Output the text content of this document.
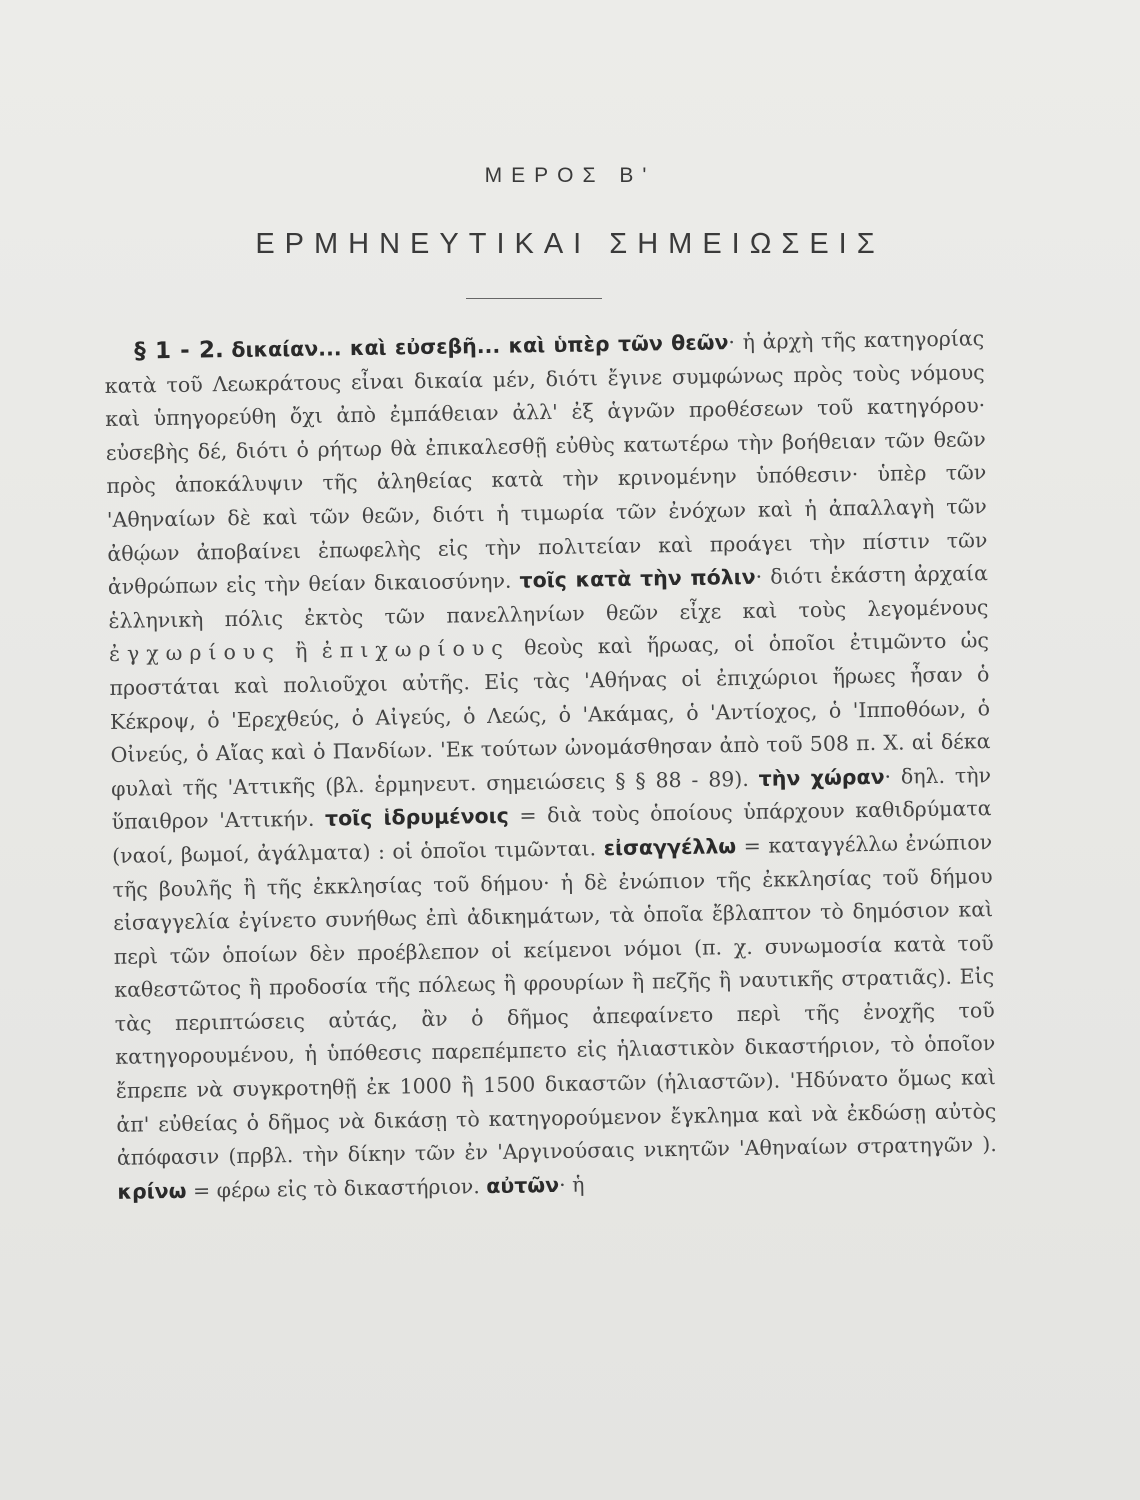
ΜΕΡΟΣ Β'
ΕΡΜΗΝΕΥΤΙΚΑΙ ΣΗΜΕΙΩΣΕΙΣ

§ 1 - 2. δικαίαν... καὶ εὐσεβῆ... καὶ ὑπὲρ τῶν θεῶν· ἡ ἀρχὴ τῆς κατηγορίας κατὰ τοῦ Λεωκράτους εἶναι δικαία μέν, διότι ἔγινε συμφώνως πρὸς τοὺς νόμους καὶ ὑπηγορεύθη ὄχι ἀπὸ ἐμπάθειαν ἀλλ' ἐξ ἁγνῶν προθέσεων τοῦ κατηγόρου· εὐσεβὴς δέ, διότι ὁ ρήτωρ θὰ ἐπικαλεσθῇ εὐθὺς κατωτέρω τὴν βοήθειαν τῶν θεῶν πρὸς ἀποκάλυψιν τῆς ἀληθείας κατὰ τὴν κρινομένην ὑπόθεσιν· ὑπὲρ τῶν 'Αθηναίων δὲ καὶ τῶν θεῶν, διότι ἡ τιμωρία τῶν ἐνόχων καὶ ἡ ἀπαλλαγὴ τῶν ἀθῴων ἀποβαίνει ἐπωφελὴς εἰς τὴν πολιτείαν καὶ προάγει τὴν πίστιν τῶν ἀνθρώπων εἰς τὴν θείαν δικαιοσύνην. τοῖς κατὰ τὴν πόλιν· διότι ἑκάστη ἀρχαία ἑλληνικὴ πόλις ἐκτὸς τῶν πανελληνίων θεῶν εἶχε καὶ τοὺς λεγομένους ἐγχωρίους ἢ ἐπιχωρίους θεοὺς καὶ ἥρωας, οἱ ὁποῖοι ἐτιμῶντο ὡς προστάται καὶ πολιοῦχοι αὐτῆς. Εἰς τὰς 'Αθήνας οἱ ἐπιχώριοι ἥρωες ἦσαν ὁ Κέκροψ, ὁ 'Ερεχθεύς, ὁ Αἰγεύς, ὁ Λεώς, ὁ 'Ακάμας, ὁ 'Αντίοχος, ὁ 'Ιπποθόων, ὁ Οἰνεύς, ὁ Αἴας καὶ ὁ Πανδίων. 'Εκ τούτων ὠνομάσθησαν ἀπὸ τοῦ 508 π. Χ. αἱ δέκα φυλαὶ τῆς 'Αττικῆς (βλ. ἑρμηνευτ. σημειώσεις § § 88 - 89). τὴν χώραν· δηλ. τὴν ὕπαιθρον 'Αττικήν. τοῖς ἱδρυμένοις = διὰ τοὺς ὁποίους ὑπάρχουν καθιδρύματα (ναοί, βωμοί, ἀγάλματα) : οἱ ὁποῖοι τιμῶνται. εἰσαγγέλλω = καταγγέλλω ἐνώπιον τῆς βουλῆς ἢ τῆς ἐκκλησίας τοῦ δήμου· ἡ δὲ ἐνώπιον τῆς ἐκκλησίας τοῦ δήμου εἰσαγγελία ἐγίνετο συνήθως ἐπὶ ἀδικημάτων, τὰ ὁποῖα ἔβλαπτον τὸ δημόσιον καὶ περὶ τῶν ὁποίων δὲν προέβλεπον οἱ κείμενοι νόμοι (π. χ. συνωμοσία κατὰ τοῦ καθεστῶτος ἢ προδοσία τῆς πόλεως ἢ φρουρίων ἢ πεζῆς ἢ ναυτικῆς στρατιᾶς). Εἰς τὰς περιπτώσεις αὐτάς, ἂν ὁ δῆμος ἀπεφαίνετο περὶ τῆς ἐνοχῆς τοῦ κατηγορουμένου, ἡ ὑπόθεσις παρεπέμπετο εἰς ἡλιαστικὸν δικαστήριον, τὸ ὁποῖον ἔπρεπε νὰ συγκροτηθῇ ἐκ 1000 ἢ 1500 δικαστῶν (ἡλιαστῶν). 'Ηδύνατο ὅμως καὶ ἀπ' εὐθείας ὁ δῆμος νὰ δικάσῃ τὸ κατηγορούμενον ἔγκλημα καὶ νὰ ἐκδώσῃ αὐτὸς ἀπόφασιν (πρβλ. τὴν δίκην τῶν ἐν 'Αργινούσαις νικητῶν 'Αθηναίων στρατηγῶν ). κρίνω = φέρω εἰς τὸ δικαστήριον. αὐτῶν· ἡ
